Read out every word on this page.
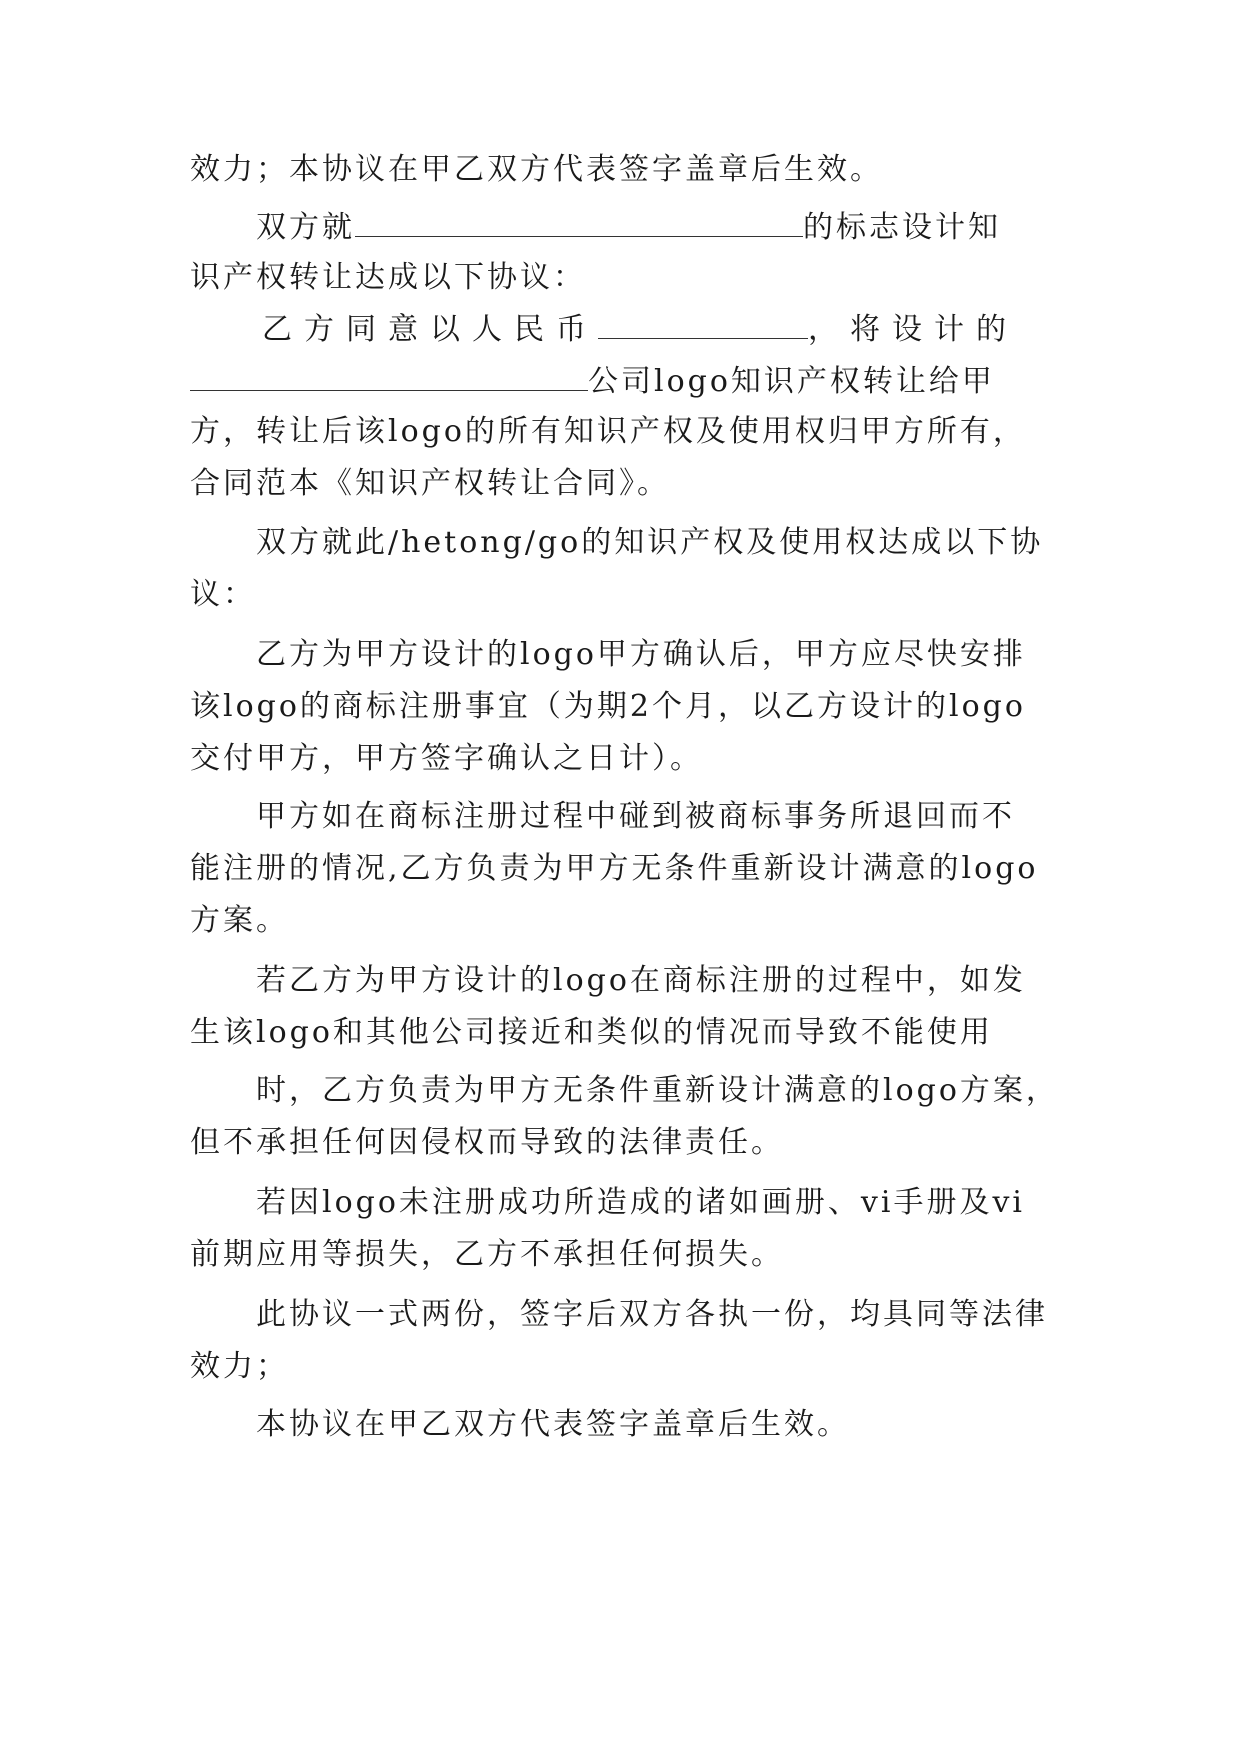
效力；本协议在甲乙双方代表签字盖章后生效。
双方就	的标志设计知
识产权转让达成以下协议：
乙方同意以人民币	，将设计的
公司logo知识产权转让给甲
方，转让后该logo的所有知识产权及使用权归甲方所有，
合同范本《知识产权转让合同》。
双方就此/hetong/go的知识产权及使用权达成以下协
议：
乙方为甲方设计的logo甲方确认后，甲方应尽快安排
该logo的商标注册事宜（为期2个月，以乙方设计的logo
交付甲方，甲方签字确认之日计）。
甲方如在商标注册过程中碰到被商标事务所退回而不
能注册的情况,乙方负责为甲方无条件重新设计满意的logo
方案。
若乙方为甲方设计的logo在商标注册的过程中，如发
生该logo和其他公司接近和类似的情况而导致不能使用
时，乙方负责为甲方无条件重新设计满意的logo方案，
但不承担任何因侵权而导致的法律责任。
若因logo未注册成功所造成的诸如画册、vi手册及vi
前期应用等损失，乙方不承担任何损失。
此协议一式两份，签字后双方各执一份，均具同等法律
效力；
本协议在甲乙双方代表签字盖章后生效。
